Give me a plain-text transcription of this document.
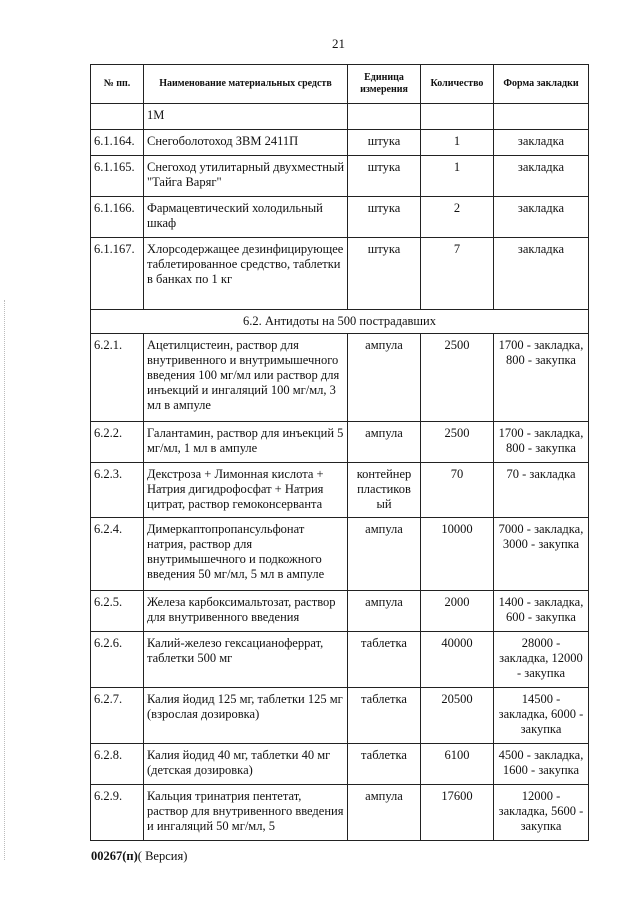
21
№ пп.	Наименование материальных средств	Единица измерения	Количество	Форма закладки
	1М			
6.1.164.	Снегоболотоход ЗВМ 2411П	штука	1	закладка
6.1.165.	Снегоход утилитарный двухместный "Тайга Варяг"	штука	1	закладка
6.1.166.	Фармацевтический холодильный шкаф	штука	2	закладка
6.1.167.	Хлорсодержащее дезинфицирующее таблетированное средство, таблетки в банках по 1 кг	штука	7	закладка
6.2. Антидоты на 500 пострадавших				
6.2.1.	Ацетилцистеин, раствор для внутривенного и внутримышечного введения 100 мг/мл или раствор для инъекций и ингаляций 100 мг/мл, 3 мл в ампуле	ампула	2500	1700 - закладка, 800 - закупка
6.2.2.	Галантамин, раствор для инъекций 5 мг/мл, 1 мл в ампуле	ампула	2500	1700 - закладка, 800 - закупка
6.2.3.	Декстроза + Лимонная кислота + Натрия дигидрофосфат + Натрия цитрат, раствор гемоконсерванта	контейнер пластиков ый	70	70 - закладка
6.2.4.	Димеркаптопропансульфонат натрия, раствор для внутримышечного и подкожного введения 50 мг/мл, 5 мл в ампуле	ампула	10000	7000 - закладка, 3000 - закупка
6.2.5.	Железа карбоксимальтозат, раствор для внутривенного введения	ампула	2000	1400 - закладка, 600 - закупка
6.2.6.	Калий-железо гексацианоферрат, таблетки 500 мг	таблетка	40000	28000 - закладка, 12000 - закупка
6.2.7.	Калия йодид 125 мг, таблетки 125 мг (взрослая дозировка)	таблетка	20500	14500 - закладка, 6000 - закупка
6.2.8.	Калия йодид 40 мг, таблетки 40 мг (детская дозировка)	таблетка	6100	4500 - закладка, 1600 - закупка
6.2.9.	Кальция тринатрия пентетат, раствор для внутривенного введения и ингаляций 50 мг/мл, 5	ампула	17600	12000 - закладка, 5600 - закупка
00267(п)( Версия)
